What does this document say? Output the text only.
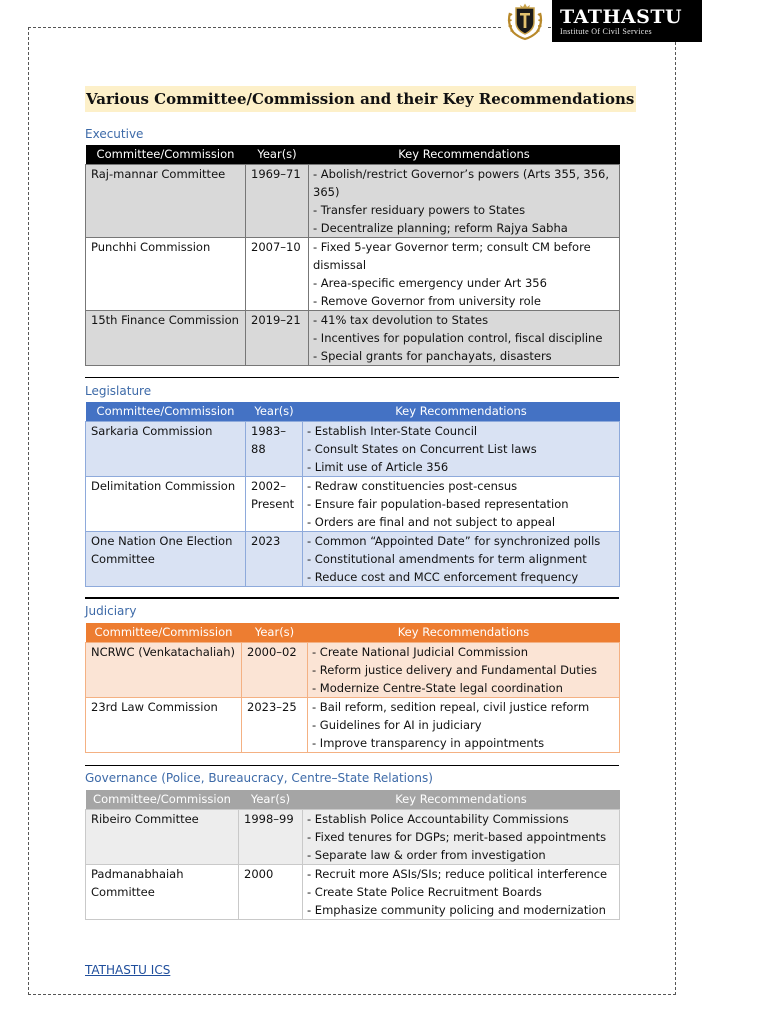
TATHASTU
Institute Of Civil Services
Various Committee/Commission and their Key Recommendations
Executive
Committee/Commission	Year(s)	Key Recommendations
Raj-mannar Committee	1969–71	- Abolish/restrict Governor’s powers (Arts 355, 356, 365)
- Transfer residuary powers to States
- Decentralize planning; reform Rajya Sabha

Punchhi Commission	2007–10	- Fixed 5-year Governor term; consult CM before dismissal
- Area-specific emergency under Art 356
- Remove Governor from university role

15th Finance Commission	2019–21	- 41% tax devolution to States
- Incentives for population control, fiscal discipline
- Special grants for panchayats, disasters
Legislature
Committee/Commission	Year(s)	Key Recommendations
Sarkaria Commission	1983–88	- Establish Inter-State Council
- Consult States on Concurrent List laws
- Limit use of Article 356

Delimitation Commission	2002–Present	- Redraw constituencies post-census
- Ensure fair population-based representation
- Orders are final and not subject to appeal

One Nation One Election Committee	2023	- Common “Appointed Date” for synchronized polls
- Constitutional amendments for term alignment
- Reduce cost and MCC enforcement frequency
Judiciary
Committee/Commission	Year(s)	Key Recommendations
NCRWC (Venkatachaliah)	2000–02	- Create National Judicial Commission
- Reform justice delivery and Fundamental Duties
- Modernize Centre-State legal coordination

23rd Law Commission	2023–25	- Bail reform, sedition repeal, civil justice reform
- Guidelines for AI in judiciary
- Improve transparency in appointments
Governance (Police, Bureaucracy, Centre–State Relations)
Committee/Commission	Year(s)	Key Recommendations
Ribeiro Committee	1998–99	- Establish Police Accountability Commissions
- Fixed tenures for DGPs; merit-based appointments
- Separate law & order from investigation

Padmanabhaiah Committee	2000	- Recruit more ASIs/SIs; reduce political interference
- Create State Police Recruitment Boards
- Emphasize community policing and modernization
TATHASTU ICS
